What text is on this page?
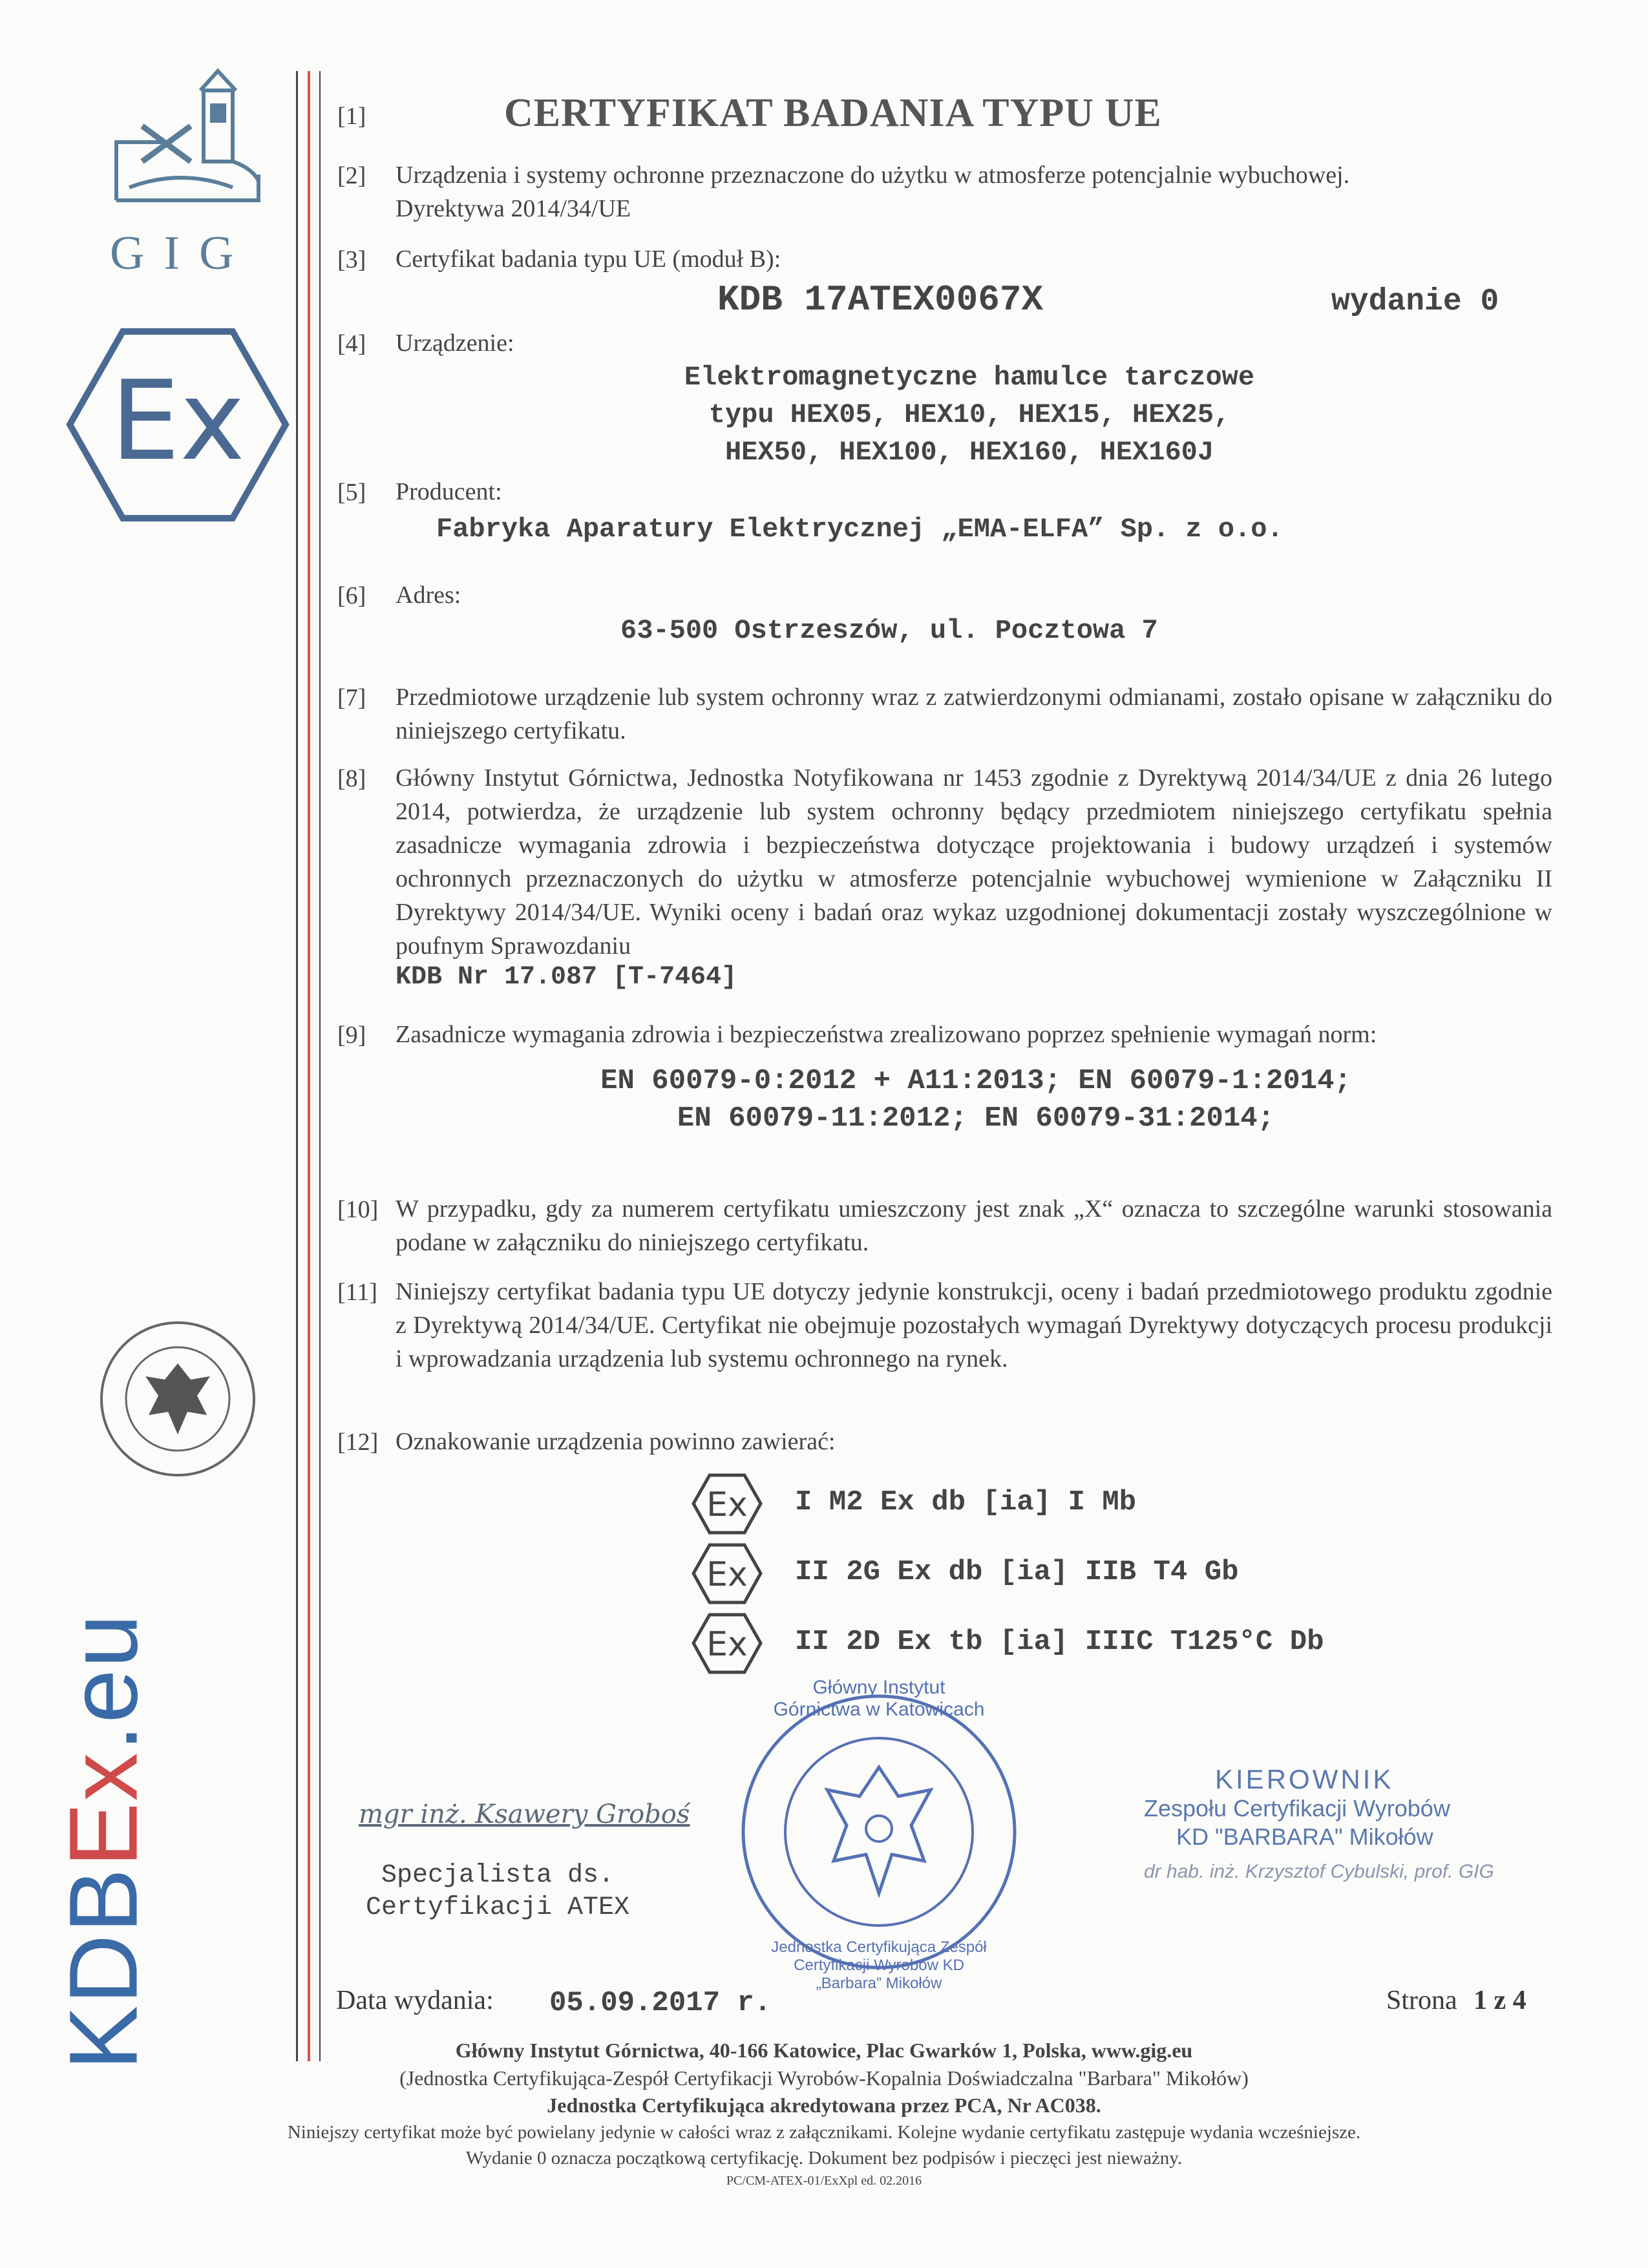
GIG
Ex
KDBEx.eu
[1]	CERTYFIKAT BADANIA TYPU UE
[2] Urządzenia i systemy ochronne przeznaczone do użytku w atmosferze potencjalnie wybuchowej.
Dyrektywa 2014/34/UE
[3] Certyfikat badania typu UE (moduł B):
KDB 17ATEX0067X	wydanie 0
[4] Urządzenie:
Elektromagnetyczne hamulce tarczowe
typu HEX05, HEX10, HEX15, HEX25,
HEX50, HEX100, HEX160, HEX160J
[5] Producent:
Fabryka Aparatury Elektrycznej „EMA-ELFA” Sp. z o.o.
[6] Adres:
63-500 Ostrzeszów, ul. Pocztowa 7
[7] Przedmiotowe urządzenie lub system ochronny wraz z zatwierdzonymi odmianami, zostało opisane w załączniku do niniejszego certyfikatu.
[8] Główny Instytut Górnictwa, Jednostka Notyfikowana nr 1453 zgodnie z Dyrektywą 2014/34/UE z dnia 26 lutego 2014, potwierdza, że urządzenie lub system ochronny będący przedmiotem niniejszego certyfikatu spełnia zasadnicze wymagania zdrowia i bezpieczeństwa dotyczące projektowania i budowy urządzeń i systemów ochronnych przeznaczonych do użytku w atmosferze potencjalnie wybuchowej wymienione w Załączniku II Dyrektywy 2014/34/UE. Wyniki oceny i badań oraz wykaz uzgodnionej dokumentacji zostały wyszczególnione w poufnym Sprawozdaniu
KDB Nr 17.087 [T-7464]
[9] Zasadnicze wymagania zdrowia i bezpieczeństwa zrealizowano poprzez spełnienie wymagań norm:
EN 60079-0:2012 + A11:2013; EN 60079-1:2014;
EN 60079-11:2012; EN 60079-31:2014;
[10] W przypadku, gdy za numerem certyfikatu umieszczony jest znak „X“ oznacza to szczególne warunki stosowania podane w załączniku do niniejszego certyfikatu.
[11] Niniejszy certyfikat badania typu UE dotyczy jedynie konstrukcji, oceny i badań przedmiotowego produktu zgodnie z Dyrektywą 2014/34/UE. Certyfikat nie obejmuje pozostałych wymagań Dyrektywy dotyczących procesu produkcji i wprowadzania urządzenia lub systemu ochronnego na rynek.
[12] Oznakowanie urządzenia powinno zawierać:
Ex I M2 Ex db [ia] I Mb
Ex II 2G Ex db [ia] IIB T4 Gb
Ex II 2D Ex tb [ia] IIIC T125°C Db
mgr inż. Ksawery Groboś
Specjalista ds.
Certyfikacji ATEX
Główny Instytut Górnictwa w Katowicach
Jednostka Certyfikująca Zespół Certyfikacji Wyrobów KD „Barbara” Mikołów
KIEROWNIK
Zespołu Certyfikacji Wyrobów
KD "BARBARA" Mikołów
dr hab. inż. Krzysztof Cybulski, prof. GIG
Data wydania: 05.09.2017 r.	Strona 1 z 4
Główny Instytut Górnictwa, 40-166 Katowice, Plac Gwarków 1, Polska, www.gig.eu
(Jednostka Certyfikująca-Zespół Certyfikacji Wyrobów-Kopalnia Doświadczalna "Barbara" Mikołów)
Jednostka Certyfikująca akredytowana przez PCA, Nr AC038.
Niniejszy certyfikat może być powielany jedynie w całości wraz z załącznikami. Kolejne wydanie certyfikatu zastępuje wydania wcześniejsze.
Wydanie 0 oznacza początkową certyfikację. Dokument bez podpisów i pieczęci jest nieważny.
PC/CM-ATEX-01/ExXpl ed. 02.2016
